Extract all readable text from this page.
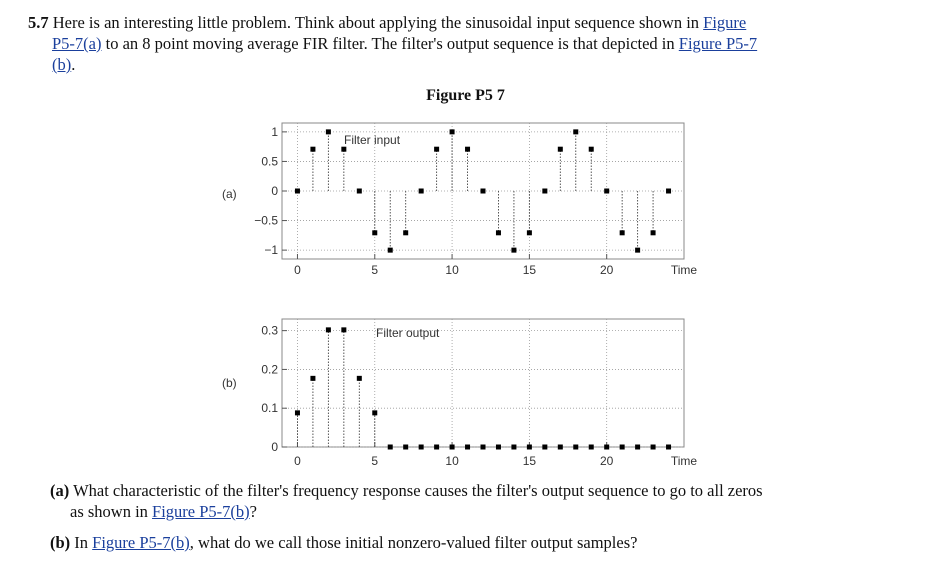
5.7 Here is an interesting little problem. Think about applying the sinusoidal input sequence shown in Figure
P5-7(a) to an 8 point moving average FIR filter. The filter's output sequence is that depicted in Figure P5-7
(b).
Figure P5 7
1
0.5
0
−0.5
−1
0	5	10	15	20	Time
(a)
Filter input
0.3
0.2
0.1
0
0	5	10	15	20	Time
(b)
Filter output
(a) What characteristic of the filter's frequency response causes the filter's output sequence to go to all zeros
as shown in Figure P5-7(b)?
(b) In Figure P5-7(b), what do we call those initial nonzero-valued filter output samples?
